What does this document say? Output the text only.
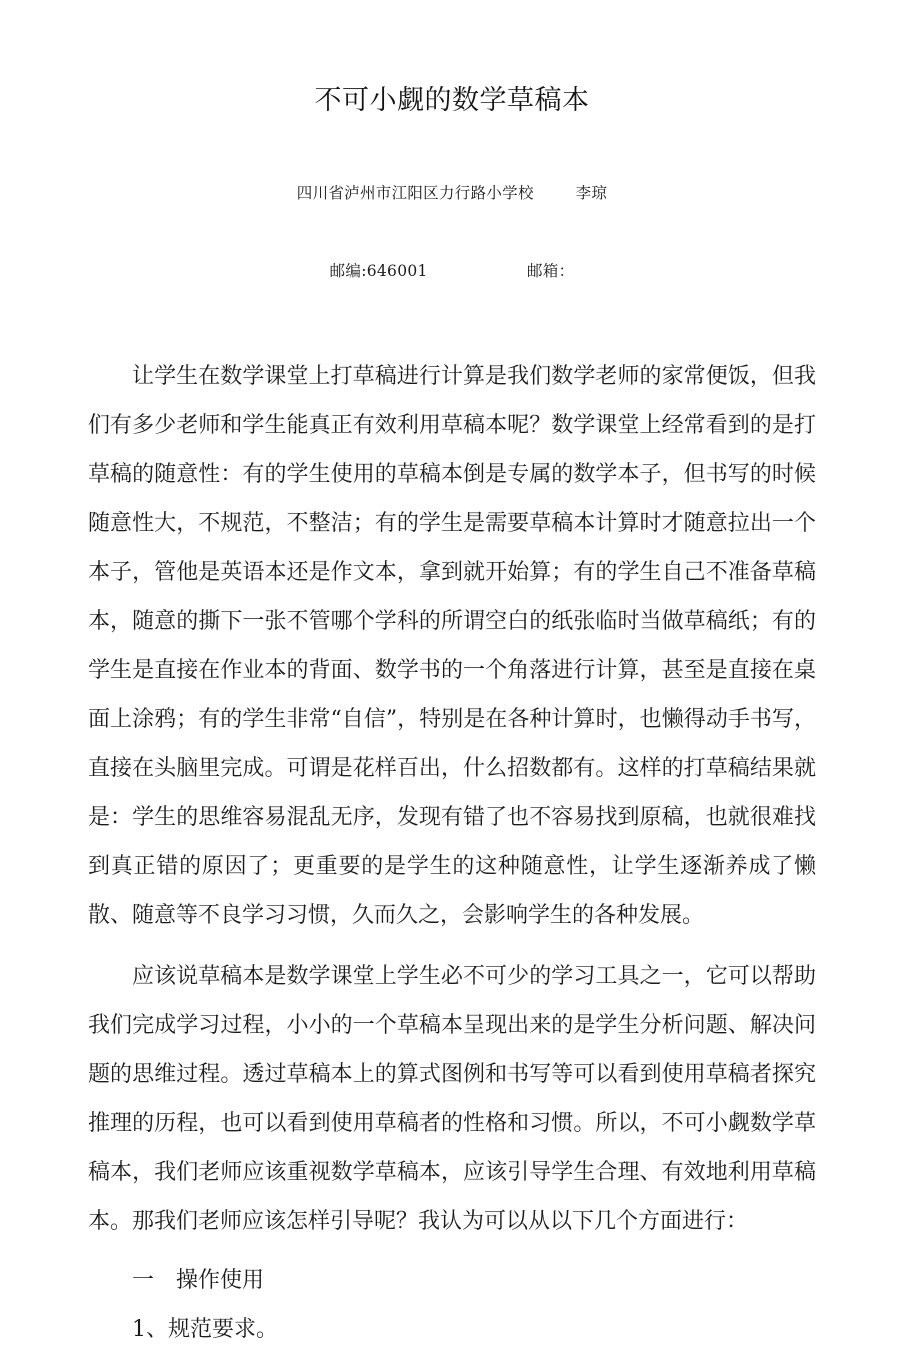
不可小觑的数学草稿本

四川省泸州市江阳区力行路小学校        李琼

邮编:646001                   邮箱：

让学生在数学课堂上打草稿进行计算是我们数学老师的家常便饭，但我们有多少老师和学生能真正有效利用草稿本呢？数学课堂上经常看到的是打草稿的随意性：有的学生使用的草稿本倒是专属的数学本子，但书写的时候随意性大，不规范，不整洁；有的学生是需要草稿本计算时才随意拉出一个本子，管他是英语本还是作文本，拿到就开始算；有的学生自己不准备草稿本，随意的撕下一张不管哪个学科的所谓空白的纸张临时当做草稿纸；有的学生是直接在作业本的背面、数学书的一个角落进行计算，甚至是直接在桌面上涂鸦；有的学生非常“自信”，特别是在各种计算时，也懒得动手书写，直接在头脑里完成。可谓是花样百出，什么招数都有。这样的打草稿结果就是：学生的思维容易混乱无序，发现有错了也不容易找到原稿，也就很难找到真正错的原因了；更重要的是学生的这种随意性，让学生逐渐养成了懒散、随意等不良学习习惯，久而久之，会影响学生的各种发展。

应该说草稿本是数学课堂上学生必不可少的学习工具之一，它可以帮助我们完成学习过程，小小的一个草稿本呈现出来的是学生分析问题、解决问题的思维过程。透过草稿本上的算式图例和书写等可以看到使用草稿者探究推理的历程，也可以看到使用草稿者的性格和习惯。所以，不可小觑数学草稿本，我们老师应该重视数学草稿本，应该引导学生合理、有效地利用草稿本。那我们老师应该怎样引导呢？我认为可以从以下几个方面进行：

一　操作使用

1、规范要求。
